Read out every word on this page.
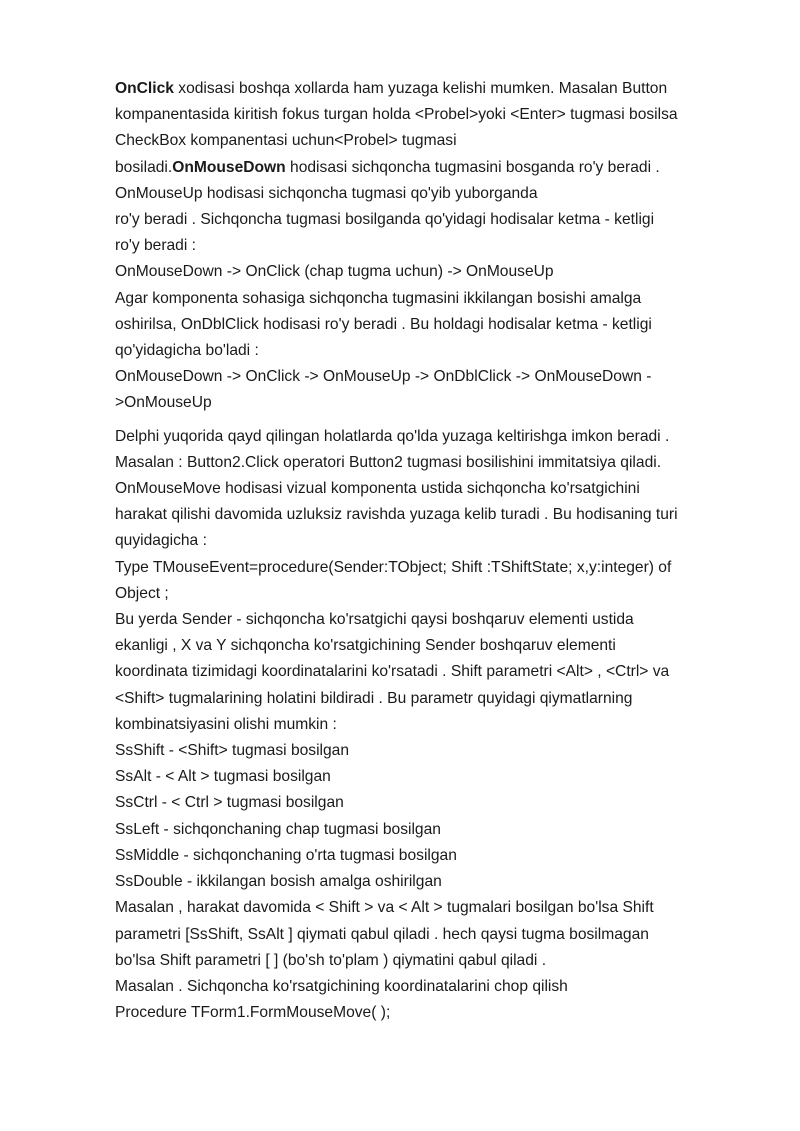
OnClick xodisasi boshqa xollarda ham yuzaga kelishi mumken. Masalan Button
kompanentasida kiritish fokus turgan holda <Probel>yoki <Enter> tugmasi bosilsa
CheckBox kompanentasi uchun<Probel> tugmasi
bosiladi.OnMouseDown hodisasi sichqoncha tugmasini bosganda ro'y beradi .
OnMouseUp hodisasi sichqoncha tugmasi qo'yib yuborganda
ro'y beradi . Sichqoncha tugmasi bosilganda qo'yidagi hodisalar ketma - ketligi
ro'y beradi :
OnMouseDown -> OnClick (chap tugma uchun) -> OnMouseUp
Agar komponenta sohasiga sichqoncha tugmasini ikkilangan bosishi amalga
oshirilsa, OnDblClick hodisasi ro'y beradi . Bu holdagi hodisalar ketma - ketligi
qo'yidagicha bo'ladi :
OnMouseDown -> OnClick -> OnMouseUp -> OnDblClick -> OnMouseDown -
>OnMouseUp
Delphi yuqorida qayd qilingan holatlarda qo'lda yuzaga keltirishga imkon beradi .
Masalan : Button2.Click operatori Button2 tugmasi bosilishini immitatsiya qiladi.
OnMouseMove hodisasi vizual komponenta ustida sichqoncha ko'rsatgichini
harakat qilishi davomida uzluksiz ravishda yuzaga kelib turadi . Bu hodisaning turi
quyidagicha :
Type TMouseEvent=procedure(Sender:TObject; Shift :TShiftState; x,y:integer) of
Object ;
Bu yerda Sender - sichqoncha ko'rsatgichi qaysi boshqaruv elementi ustida
ekanligi , X va Y sichqoncha ko'rsatgichining Sender boshqaruv elementi
koordinata tizimidagi koordinatalarini ko'rsatadi . Shift parametri <Alt> , <Ctrl> va
<Shift> tugmalarining holatini bildiradi . Bu parametr quyidagi qiymatlarning
kombinatsiyasini olishi mumkin :
SsShift - <Shift> tugmasi bosilgan
SsAlt - < Alt > tugmasi bosilgan
SsCtrl - < Ctrl > tugmasi bosilgan
SsLeft - sichqonchaning chap tugmasi bosilgan
SsMiddle - sichqonchaning o'rta tugmasi bosilgan
SsDouble - ikkilangan bosish amalga oshirilgan
Masalan , harakat davomida < Shift > va < Alt > tugmalari bosilgan bo'lsa Shift
parametri [SsShift, SsAlt ] qiymati qabul qiladi . hech qaysi tugma bosilmagan
bo'lsa Shift parametri [ ] (bo'sh to'plam ) qiymatini qabul qiladi .
Masalan . Sichqoncha ko'rsatgichining koordinatalarini chop qilish
Procedure TForm1.FormMouseMove( );
